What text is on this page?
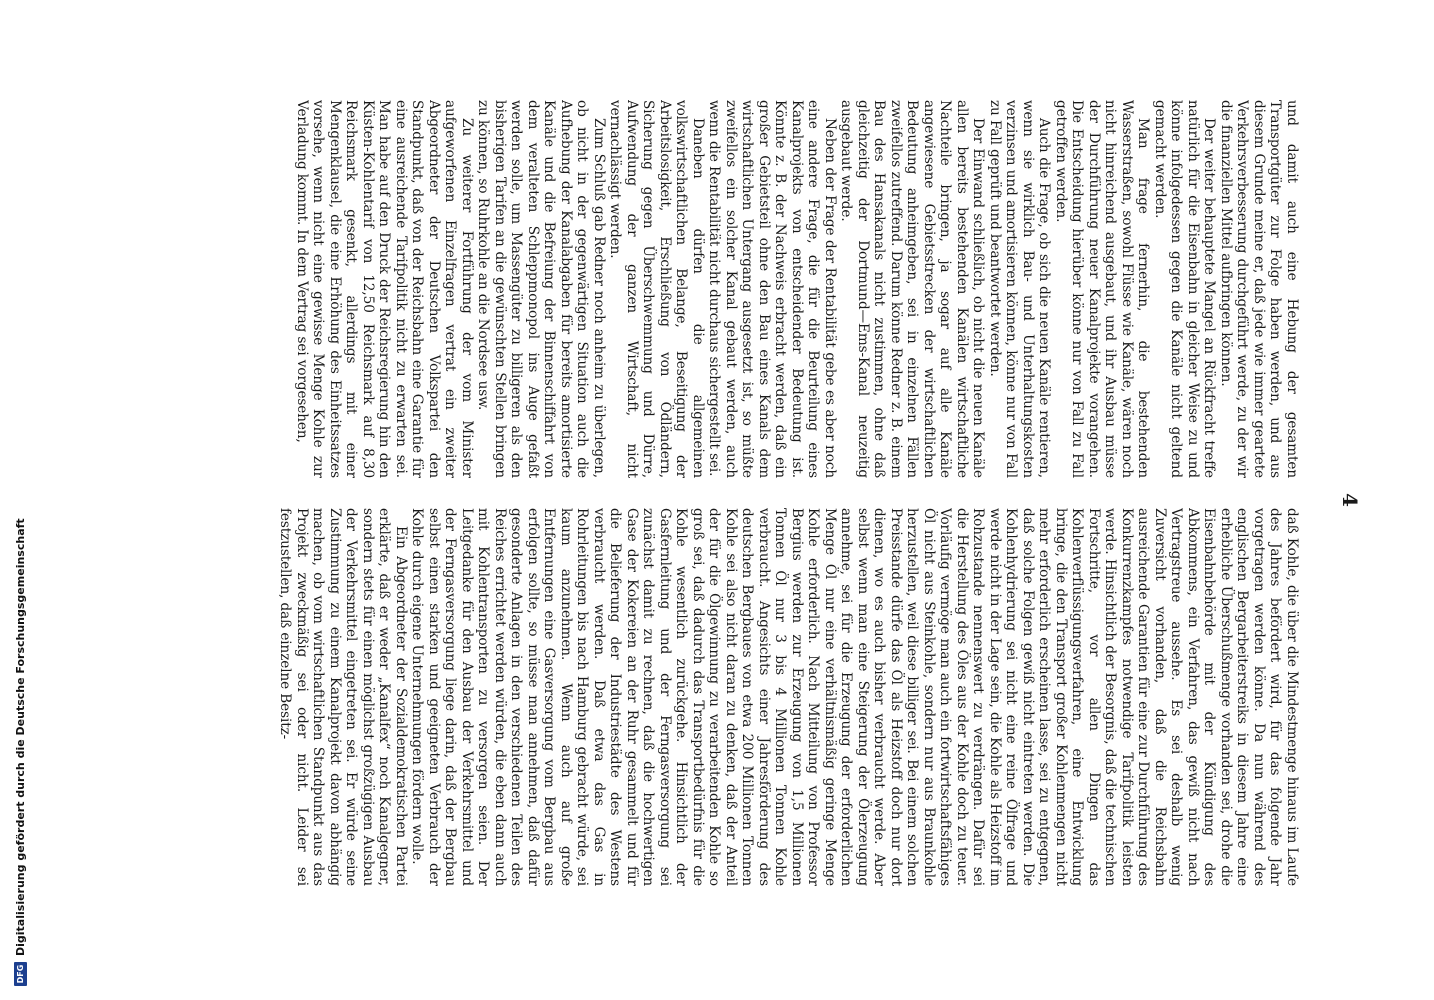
DFG
Digitalisierung gefördert durch die Deutsche Forschungsgemeinschaft
4

und damit auch eine Hebung der gesamten Transportgüter zur Folge haben werden, und aus diesem Grunde meine er, daß jede wie immer geartete Verkehrsverbesserung durchgeführt werde, zu der wir die finanziellen Mittel aufbringen können.

Der weiter behauptete Mangel an Rückfracht treffe natürlich für die Eisenbahn in gleicher Weise zu und könne infolgedessen gegen die Kanäle nicht geltend gemacht werden.

Man frage fernerhin, die bestehenden Wasserstraßen, sowohl Flüsse wie Kanäle, wären noch nicht hinreichend ausgebaut, und ihr Ausbau müsse der Durchführung neuer Kanalprojekte vorangehen. Die Entscheidung hierüber könne nur von Fall zu Fall getroffen werden.

Auch die Frage, ob sich die neuen Kanäle rentieren, wenn sie wirklich Bau- und Unterhaltungskosten verzinsen und amortisieren können, könne nur von Fall zu Fall geprüft und beantwortet werden.

Der Einwand schließlich, ob nicht die neuen Kanäle allen bereits bestehenden Kanälen wirtschaftliche Nachteile bringen, ja sogar auf alle Kanäle angewiesene Gebietsstrecken der wirtschaftlichen Bedeutung anheimgeben, sei in einzelnen Fällen zweifellos zutreffend. Darum könne Redner z. B. einem Bau des Hansakanals nicht zustimmen, ohne daß gleichzeitig der Dortmund—Ems-Kanal neuzeitig ausgebaut werde.

Neben der Frage der Rentabilität gebe es aber noch eine andere Frage, die für die Beurteilung eines Kanalprojekts von entscheidender Bedeutung ist. Könnte z. B. der Nachweis erbracht werden, daß ein großer Gebietsteil ohne den Bau eines Kanals dem wirtschaftlichen Untergang ausgesetzt ist, so müßte zweifellos ein solcher Kanal gebaut werden, auch wenn die Rentabilität nicht durchaus sichergestellt sei.

Daneben dürfen die allgemeinen volkswirtschaftlichen Belange, Beseitigung der Arbeitslosigkeit, Erschließung von Ödländern, Sicherung gegen Überschwemmung und Dürre, Aufwendung der ganzen Wirtschaft, nicht vernachlässigt werden.

Zum Schluß gab Redner noch anheim zu überlegen, ob nicht in der gegenwärtigen Situation auch die Aufhebung der Kanalabgaben für bereits amortisierte Kanäle und die Befreiung der Binnenschiffahrt von dem veralteten Schleppmonopol ins Auge gefaßt werden solle, um Massengüter zu billigeren als den bisherigen Tarifen an die gewünschten Stellen bringen zu können, so Ruhrkohle an die Nordsee usw.

Zu weiterer Fortführung der vom Minister aufgeworfenen Einzelfragen vertrat ein zweiter Abgeordneter der Deutschen Volkspartei den Standpunkt, daß von der Reichsbahn eine Garantie für eine ausreichende Tarifpolitik nicht zu erwarten sei. Man habe auf den Druck der Reichsregierung hin den Küsten-Kohlentarif von 12,50 Reichsmark auf 8,30 Reichsmark gesenkt, allerdings mit einer Mengenklausel, die eine Erhöhung des Einheitssatzes vorsehe, wenn nicht eine gewisse Menge Kohle zur Verladung kommt. In dem Vertrag sei vorgesehen,

daß Kohle, die über die Mindestmenge hinaus im Laufe des Jahres befördert wird, für das folgende Jahr vorgetragen werden könne. Da nun während des englischen Bergarbeiterstreiks in diesem Jahre eine erhebliche Überschußmenge vorhanden sei, drohe die Eisenbahnbehörde mit der Kündigung des Abkommens, ein Verfahren, das gewiß nicht nach Vertragstreue aussehe. Es sei deshalb wenig Zuversicht vorhanden, daß die Reichsbahn ausreichende Garantien für eine zur Durchführung des Konkurrenzkampfes notwendige Tarifpolitik leisten werde. Hinsichtlich der Besorgnis, daß die technischen Fortschritte, vor allen Dingen das Kohlenverflüssigungsverfahren, eine Entwicklung bringe, die den Transport großer Kohlenmengen nicht mehr erforderlich erscheinen lasse, sei zu entgegnen, daß solche Folgen gewiß nicht eintreten werden. Die Kohlenhydrierung sei nicht eine reine Ölfrage und werde nicht in der Lage sein, die Kohle als Heizstoff im Rohzustande nennenswert zu verdrängen. Dafür sei die Herstellung des Öles aus der Kohle doch zu teuer. Vorläufig vermöge man auch ein fortwirtschaftsfähiges Öl nicht aus Steinkohle, sondern nur aus Braunkohle herzustellen, weil diese billiger sei. Bei einem solchen Preisstande dürfe das Öl als Heizstoff doch nur dort dienen, wo es auch bisher verbraucht werde. Aber selbst wenn man eine Steigerung der Ölerzeugung annehme, sei für die Erzeugung der erforderlichen Menge Öl nur eine verhältnismäßig geringe Menge Kohle erforderlich. Nach Mitteilung von Professor Bergius werden zur Erzeugung von 1,5 Millionen Tonnen Öl nur 3 bis 4 Millionen Tonnen Kohle verbraucht. Angesichts einer Jahresförderung des deutschen Bergbaues von etwa 200 Millionen Tonnen Kohle sei also nicht daran zu denken, daß der Anteil der für die Ölgewinnung zu verarbeitenden Kohle so groß sei, daß dadurch das Transportbedürfnis für die Kohle wesentlich zurückgehe. Hinsichtlich der Gasfernleitung und der Ferngasversorgung sei zunächst damit zu rechnen, daß die hochwertigen Gase der Kokereien an der Ruhr gesammelt und für die Belieferung der Industriestädte des Westens verbraucht werden. Daß etwa das Gas in Rohrleitungen bis nach Hamburg gebracht würde, sei kaum anzunehmen. Wenn auch auf große Entfernungen eine Gasversorgung vom Bergbau aus erfolgen sollte, so müsse man annehmen, daß dafür gesonderte Anlagen in den verschiedenen Teilen des Reiches errichtet werden würden, die eben dann auch mit Kohlentransporten zu versorgen seien. Der Leitgedanke für den Ausbau der Verkehrsmittel und der Ferngasversorgung liege darin, daß der Bergbau selbst einen starken und geeigneten Verbrauch der Kohle durch eigene Unternehmungen fördern wolle.

Ein Abgeordneter der Sozialdemokratischen Partei erklärte, daß er weder „Kanalfex“ noch Kanalgegner, sondern stets für einen möglichst großzügigen Ausbau der Verkehrsmittel eingetreten sei. Er würde seine Zustimmung zu einem Kanalprojekt davon abhängig machen, ob vom wirtschaftlichen Standpunkt aus das Projekt zweckmäßig sei oder nicht. Leider sei festzustellen, daß einzelne Besitz-
